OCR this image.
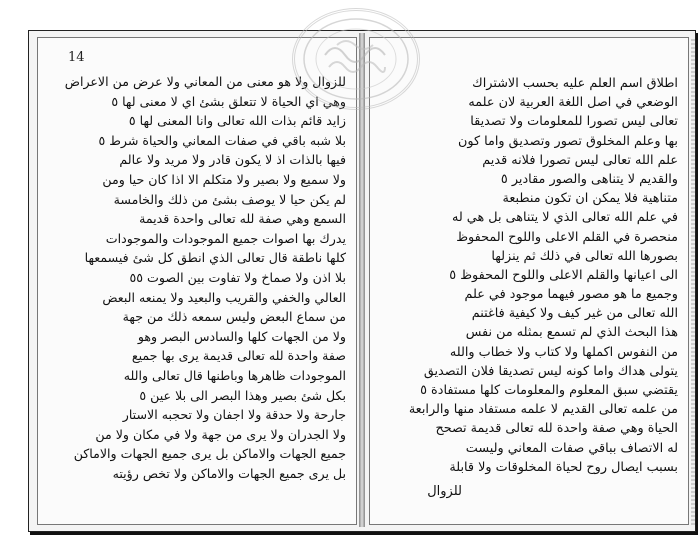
14
للزوال ولا هو معنى من المعاني ولا عرض من الاعراض
وهي اي الحياة لا تتعلق بشئ اي لا معنى لها ٥
زايد قائم بذات الله تعالى وانا المعنى لها ٥
بلا شبه باقي في صفات المعاني والحياة شرط ٥
فيها بالذات اذ لا يكون قادر ولا مريد ولا عالم
ولا سميع ولا بصير ولا متكلم الا اذا كان حيا ومن
لم يكن حيا لا يوصف بشئ من ذلك والخامسة
السمع وهي صفة لله تعالى واحدة قديمة
يدرك بها اصوات جميع الموجودات والموجودات
كلها ناطقة قال تعالى الذي انطق كل شئ فيسمعها
بلا اذن ولا صماخ ولا تفاوت بين الصوت ٥٥
العالي والخفي والقريب والبعيد ولا يمنعه البعض
من سماع البعض وليس سمعه ذلك من جهة
ولا من الجهات كلها والسادس البصر وهو
صفة واحدة لله تعالى قديمة يرى بها جميع
الموجودات ظاهرها وباطنها قال تعالى والله
بكل شئ بصير وهذا البصر الى بلا عين ٥
جارحة ولا حدقة ولا اجفان ولا تحجبه الاستار
ولا الجدران ولا يرى من جهة ولا في مكان ولا من
جميع الجهات والاماكن بل يرى جميع الجهات والاماكن
بل يرى جميع الجهات والاماكن ولا تخص رؤيته
اطلاق اسم العلم عليه بحسب الاشتراك
الوضعي في اصل اللغة العربية لان علمه
تعالى ليس تصورا للمعلومات ولا تصديقا
بها وعلم المخلوق تصور وتصديق واما كون
علم الله تعالى ليس تصورا فلانه قديم
والقديم لا يتناهى والصور مقادير ٥
متناهية فلا يمكن ان تكون منطبعة
في علم الله تعالى الذي لا يتناهى بل هي له
منحصرة في القلم الاعلى واللوح المحفوظ
بصورها الله تعالى في ذلك ثم ينزلها
الى اعيانها والقلم الاعلى واللوح المحفوظ ٥
وجميع ما هو مصور فيهما موجود في علم
الله تعالى من غير كيف ولا كيفية فاغتنم
هذا البحث الذي لم تسمع بمثله من نفس
من النفوس اكملها ولا كتاب ولا خطاب والله
يتولى هداك واما كونه ليس تصديقا فلان التصديق
يقتضي سبق المعلوم والمعلومات كلها مستفادة ٥
من علمه تعالى القديم لا علمه مستفاد منها والرابعة
الحياة وهي صفة واحدة لله تعالى قديمة تصحح
له الاتصاف بباقي صفات المعاني وليست
بسبب ايصال روح لحياة المخلوقات ولا قابلة
للزوال
